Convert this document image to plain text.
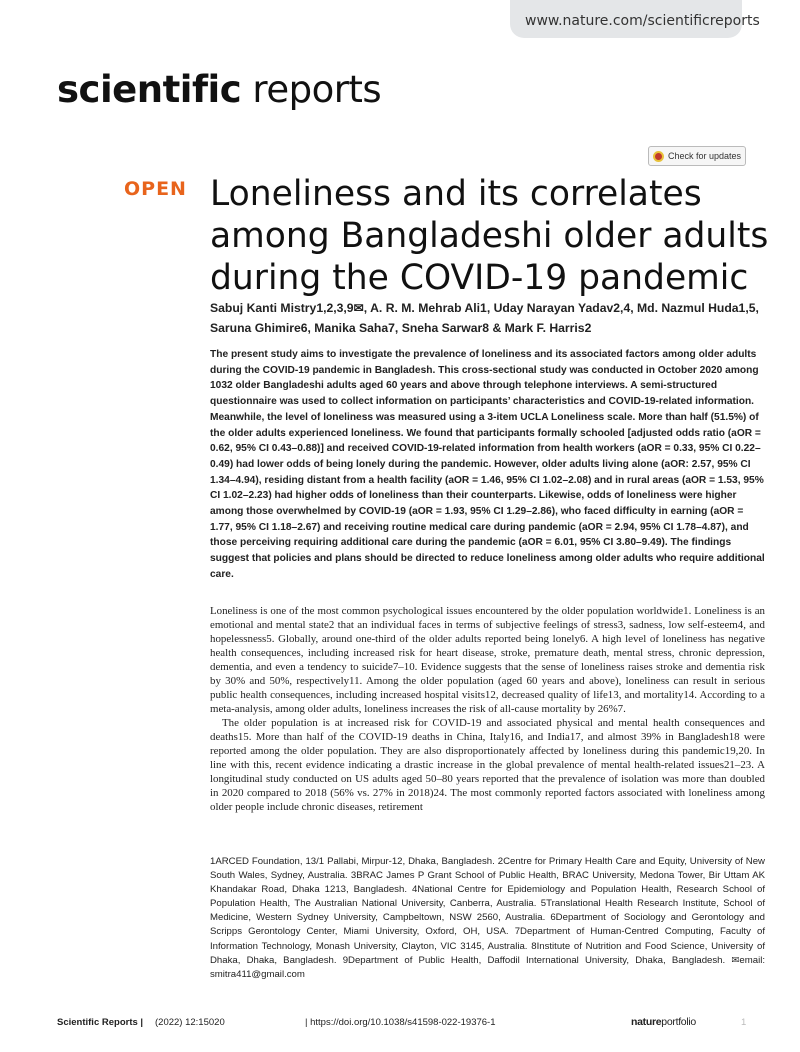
www.nature.com/scientificreports
scientific reports
Check for updates
OPEN Loneliness and its correlates among Bangladeshi older adults during the COVID-19 pandemic
Sabuj Kanti Mistry1,2,3,9✉, A. R. M. Mehrab Ali1, Uday Narayan Yadav2,4, Md. Nazmul Huda1,5,
Saruna Ghimire6, Manika Saha7, Sneha Sarwar8 & Mark F. Harris2
The present study aims to investigate the prevalence of loneliness and its associated factors among older adults during the COVID-19 pandemic in Bangladesh. This cross-sectional study was conducted in October 2020 among 1032 older Bangladeshi adults aged 60 years and above through telephone interviews. A semi-structured questionnaire was used to collect information on participants’ characteristics and COVID-19-related information. Meanwhile, the level of loneliness was measured using a 3-item UCLA Loneliness scale. More than half (51.5%) of the older adults experienced loneliness. We found that participants formally schooled [adjusted odds ratio (aOR = 0.62, 95% CI 0.43–0.88)] and received COVID-19-related information from health workers (aOR = 0.33, 95% CI 0.22–0.49) had lower odds of being lonely during the pandemic. However, older adults living alone (aOR: 2.57, 95% CI 1.34–4.94), residing distant from a health facility (aOR = 1.46, 95% CI 1.02–2.08) and in rural areas (aOR = 1.53, 95% CI 1.02–2.23) had higher odds of loneliness than their counterparts. Likewise, odds of loneliness were higher among those overwhelmed by COVID-19 (aOR = 1.93, 95% CI 1.29–2.86), who faced difficulty in earning (aOR = 1.77, 95% CI 1.18–2.67) and receiving routine medical care during pandemic (aOR = 2.94, 95% CI 1.78–4.87), and those perceiving requiring additional care during the pandemic (aOR = 6.01, 95% CI 3.80–9.49). The findings suggest that policies and plans should be directed to reduce loneliness among older adults who require additional care.

Loneliness is one of the most common psychological issues encountered by the older population worldwide1. Loneliness is an emotional and mental state2 that an individual faces in terms of subjective feelings of stress3, sadness, low self-esteem4, and hopelessness5. Globally, around one-third of the older adults reported being lonely6. A high level of loneliness has negative health consequences, including increased risk for heart disease, stroke, premature death, mental stress, chronic depression, dementia, and even a tendency to suicide7–10. Evidence suggests that the sense of loneliness raises stroke and dementia risk by 30% and 50%, respectively11. Among the older population (aged 60 years and above), loneliness can result in serious public health consequences, including increased hospital visits12, decreased quality of life13, and mortality14. According to a meta-analysis, among older adults, loneliness increases the risk of all-cause mortality by 26%7.

The older population is at increased risk for COVID-19 and associated physical and mental health consequences and deaths15. More than half of the COVID-19 deaths in China, Italy16, and India17, and almost 39% in Bangladesh18 were reported among the older population. They are also disproportionately affected by loneliness during this pandemic19,20. In line with this, recent evidence indicating a drastic increase in the global prevalence of mental health-related issues21–23. A longitudinal study conducted on US adults aged 50–80 years reported that the prevalence of isolation was more than doubled in 2020 compared to 2018 (56% vs. 27% in 2018)24. The most commonly reported factors associated with loneliness among older people include chronic diseases, retirement

1ARCED Foundation, 13/1 Pallabi, Mirpur-12, Dhaka, Bangladesh. 2Centre for Primary Health Care and Equity, University of New South Wales, Sydney, Australia. 3BRAC James P Grant School of Public Health, BRAC University, Medona Tower, Bir Uttam AK Khandakar Road, Dhaka 1213, Bangladesh. 4National Centre for Epidemiology and Population Health, Research School of Population Health, The Australian National University, Canberra, Australia. 5Translational Health Research Institute, School of Medicine, Western Sydney University, Campbeltown, NSW 2560, Australia. 6Department of Sociology and Gerontology and Scripps Gerontology Center, Miami University, Oxford, OH, USA. 7Department of Human-Centred Computing, Faculty of Information Technology, Monash University, Clayton, VIC 3145, Australia. 8Institute of Nutrition and Food Science, University of Dhaka, Dhaka, Bangladesh. 9Department of Public Health, Daffodil International University, Dhaka, Bangladesh. ✉email: smitra411@gmail.com
Scientific Reports | (2022) 12:15020	| https://doi.org/10.1038/s41598-022-19376-1	natureportfolio	1
